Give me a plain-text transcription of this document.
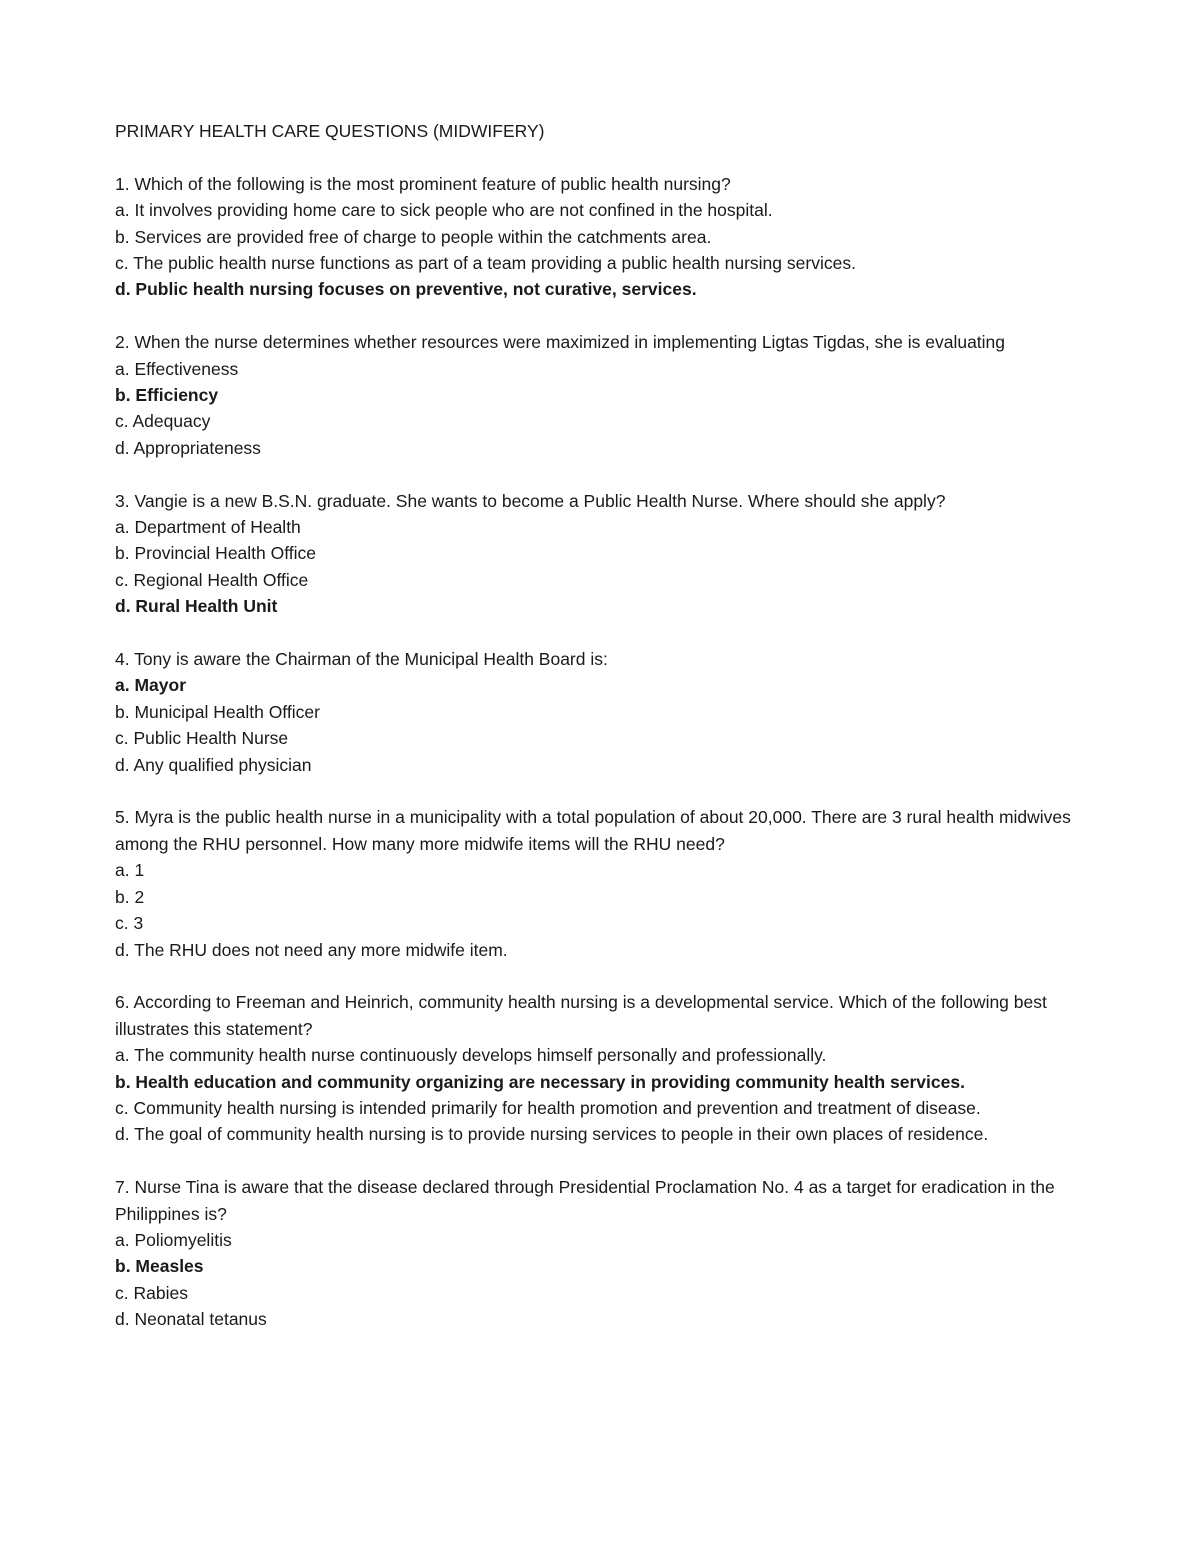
PRIMARY HEALTH CARE QUESTIONS (MIDWIFERY)
1. Which of the following is the most prominent feature of public health nursing?
a. It involves providing home care to sick people who are not confined in the hospital.
b. Services are provided free of charge to people within the catchments area.
c. The public health nurse functions as part of a team providing a public health nursing services.
d. Public health nursing focuses on preventive, not curative, services.
2. When the nurse determines whether resources were maximized in implementing Ligtas Tigdas, she is evaluating
a. Effectiveness
b. Efficiency
c. Adequacy
d. Appropriateness
3. Vangie is a new B.S.N. graduate. She wants to become a Public Health Nurse. Where should she apply?
a. Department of Health
b. Provincial Health Office
c. Regional Health Office
d. Rural Health Unit
4. Tony is aware the Chairman of the Municipal Health Board is:
a. Mayor
b. Municipal Health Officer
c. Public Health Nurse
d. Any qualified physician
5. Myra is the public health nurse in a municipality with a total population of about 20,000. There are 3 rural health midwives among the RHU personnel. How many more midwife items will the RHU need?
a. 1
b. 2
c. 3
d. The RHU does not need any more midwife item.
6. According to Freeman and Heinrich, community health nursing is a developmental service. Which of the following best illustrates this statement?
a. The community health nurse continuously develops himself personally and professionally.
b. Health education and community organizing are necessary in providing community health services.
c. Community health nursing is intended primarily for health promotion and prevention and treatment of disease.
d. The goal of community health nursing is to provide nursing services to people in their own places of residence.
7. Nurse Tina is aware that the disease declared through Presidential Proclamation No. 4 as a target for eradication in the Philippines is?
a. Poliomyelitis
b. Measles
c. Rabies
d. Neonatal tetanus
